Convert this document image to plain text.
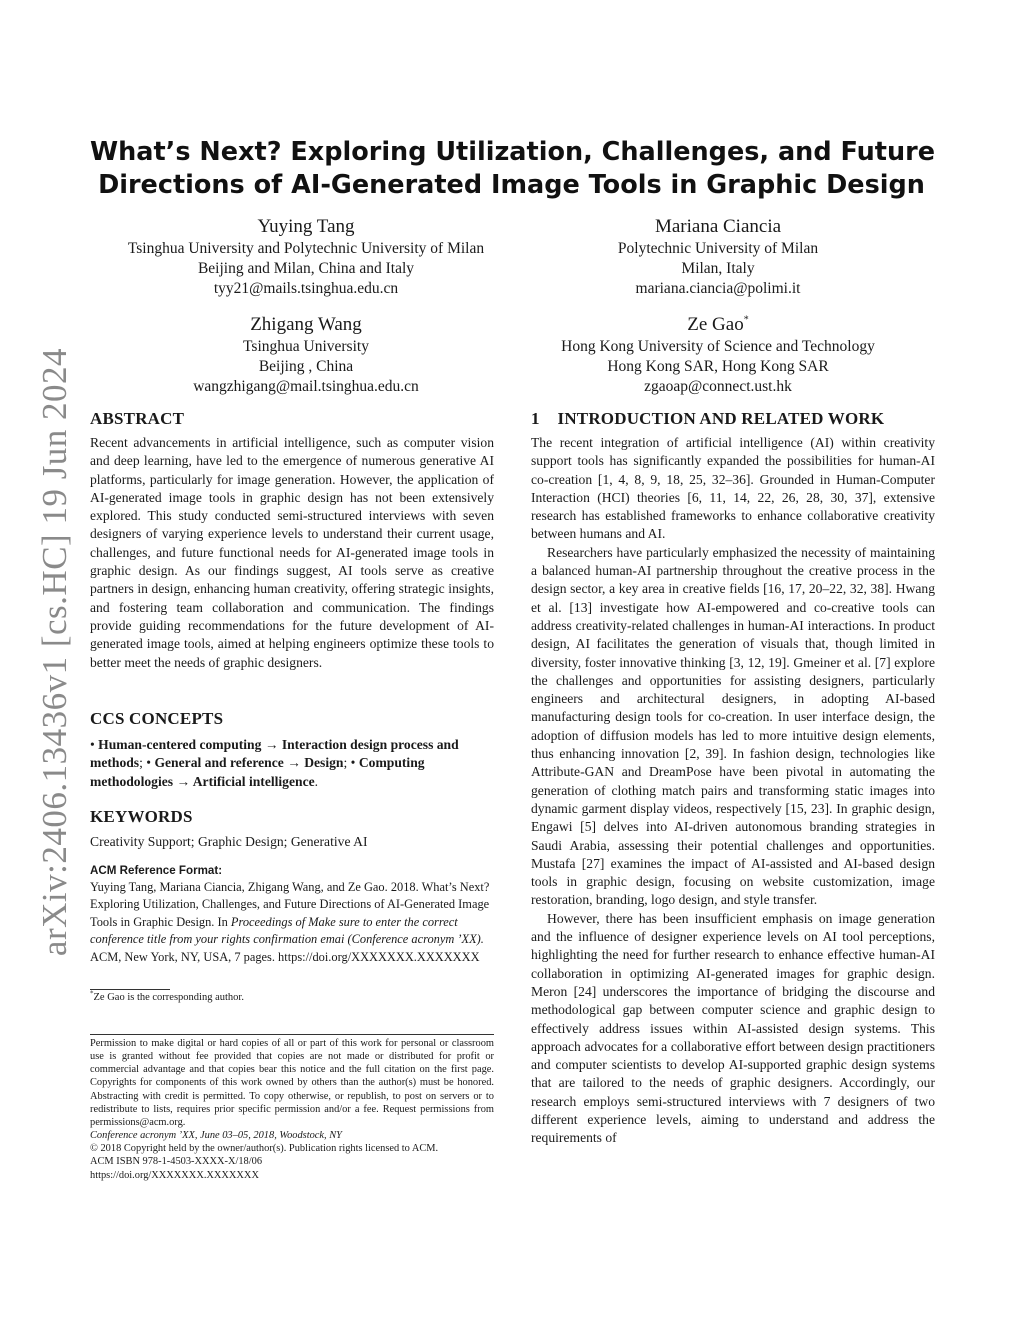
arXiv:2406.13436v1 [cs.HC] 19 Jun 2024
What’s Next? Exploring Utilization, Challenges, and Future
Directions of AI-Generated Image Tools in Graphic Design
Yuying Tang
Tsinghua University and Polytechnic University of Milan
Beijing and Milan, China and Italy
tyy21@mails.tsinghua.edu.cn
Mariana Ciancia
Polytechnic University of Milan
Milan, Italy
mariana.ciancia@polimi.it
Zhigang Wang
Tsinghua University
Beijing , China
wangzhigang@mail.tsinghua.edu.cn
Ze Gao*
Hong Kong University of Science and Technology
Hong Kong SAR, Hong Kong SAR
zgaoap@connect.ust.hk
ABSTRACT

Recent advancements in artificial intelligence, such as computer vision and deep learning, have led to the emergence of numerous generative AI platforms, particularly for image generation. However, the application of AI-generated image tools in graphic design has not been extensively explored. This study conducted semi-structured interviews with seven designers of varying experience levels to understand their current usage, challenges, and future functional needs for AI-generated image tools in graphic design. As our findings suggest, AI tools serve as creative partners in design, enhancing human creativity, offering strategic insights, and fostering team collaboration and communication. The findings provide guiding recommendations for the future development of AI-generated image tools, aimed at helping engineers optimize these tools to better meet the needs of graphic designers.

CCS CONCEPTS

• Human-centered computing → Interaction design process and methods; • General and reference → Design; • Computing methodologies → Artificial intelligence.

KEYWORDS

Creativity Support; Graphic Design; Generative AI

ACM Reference Format:
Yuying Tang, Mariana Ciancia, Zhigang Wang, and Ze Gao. 2018. What’s Next? Exploring Utilization, Challenges, and Future Directions of AI-Generated Image Tools in Graphic Design. In Proceedings of Make sure to enter the correct conference title from your rights confirmation emai (Conference acronym ’XX). ACM, New York, NY, USA, 7 pages. https://doi.org/XXXXXXX.XXXXXXX
*Ze Gao is the corresponding author.

Permission to make digital or hard copies of all or part of this work for personal or classroom use is granted without fee provided that copies are not made or distributed for profit or commercial advantage and that copies bear this notice and the full citation on the first page. Copyrights for components of this work owned by others than the author(s) must be honored. Abstracting with credit is permitted. To copy otherwise, or republish, to post on servers or to redistribute to lists, requires prior specific permission and/or a fee. Request permissions from permissions@acm.org.

Conference acronym ’XX, June 03–05, 2018, Woodstock, NY

© 2018 Copyright held by the owner/author(s). Publication rights licensed to ACM.

ACM ISBN 978-1-4503-XXXX-X/18/06

https://doi.org/XXXXXXX.XXXXXXX

1    INTRODUCTION AND RELATED WORK

The recent integration of artificial intelligence (AI) within creativity support tools has significantly expanded the possibilities for human-AI co-creation [1, 4, 8, 9, 18, 25, 32–36]. Grounded in Human-Computer Interaction (HCI) theories [6, 11, 14, 22, 26, 28, 30, 37], extensive research has established frameworks to enhance collaborative creativity between humans and AI.

Researchers have particularly emphasized the necessity of maintaining a balanced human-AI partnership throughout the creative process in the design sector, a key area in creative fields [16, 17, 20–22, 32, 38]. Hwang et al. [13] investigate how AI-empowered and co-creative tools can address creativity-related challenges in human-AI interactions. In product design, AI facilitates the generation of visuals that, though limited in diversity, foster innovative thinking [3, 12, 19]. Gmeiner et al. [7] explore the challenges and opportunities for assisting designers, particularly engineers and architectural designers, in adopting AI-based manufacturing design tools for co-creation. In user interface design, the adoption of diffusion models has led to more intuitive design elements, thus enhancing innovation [2, 39]. In fashion design, technologies like Attribute-GAN and DreamPose have been pivotal in automating the generation of clothing match pairs and transforming static images into dynamic garment display videos, respectively [15, 23]. In graphic design, Engawi [5] delves into AI-driven autonomous branding strategies in Saudi Arabia, assessing their potential challenges and opportunities. Mustafa [27] examines the impact of AI-assisted and AI-based design tools in graphic design, focusing on website customization, image restoration, branding, logo design, and style transfer.

However, there has been insufficient emphasis on image generation and the influence of designer experience levels on AI tool perceptions, highlighting the need for further research to enhance effective human-AI collaboration in optimizing AI-generated images for graphic design. Meron [24] underscores the importance of bridging the discourse and methodological gap between computer science and graphic design to effectively address issues within AI-assisted design systems. This approach advocates for a collaborative effort between design practitioners and computer scientists to develop AI-supported graphic design systems that are tailored to the needs of graphic designers. Accordingly, our research employs semi-structured interviews with 7 designers of two different experience levels, aiming to understand and address the requirements of
